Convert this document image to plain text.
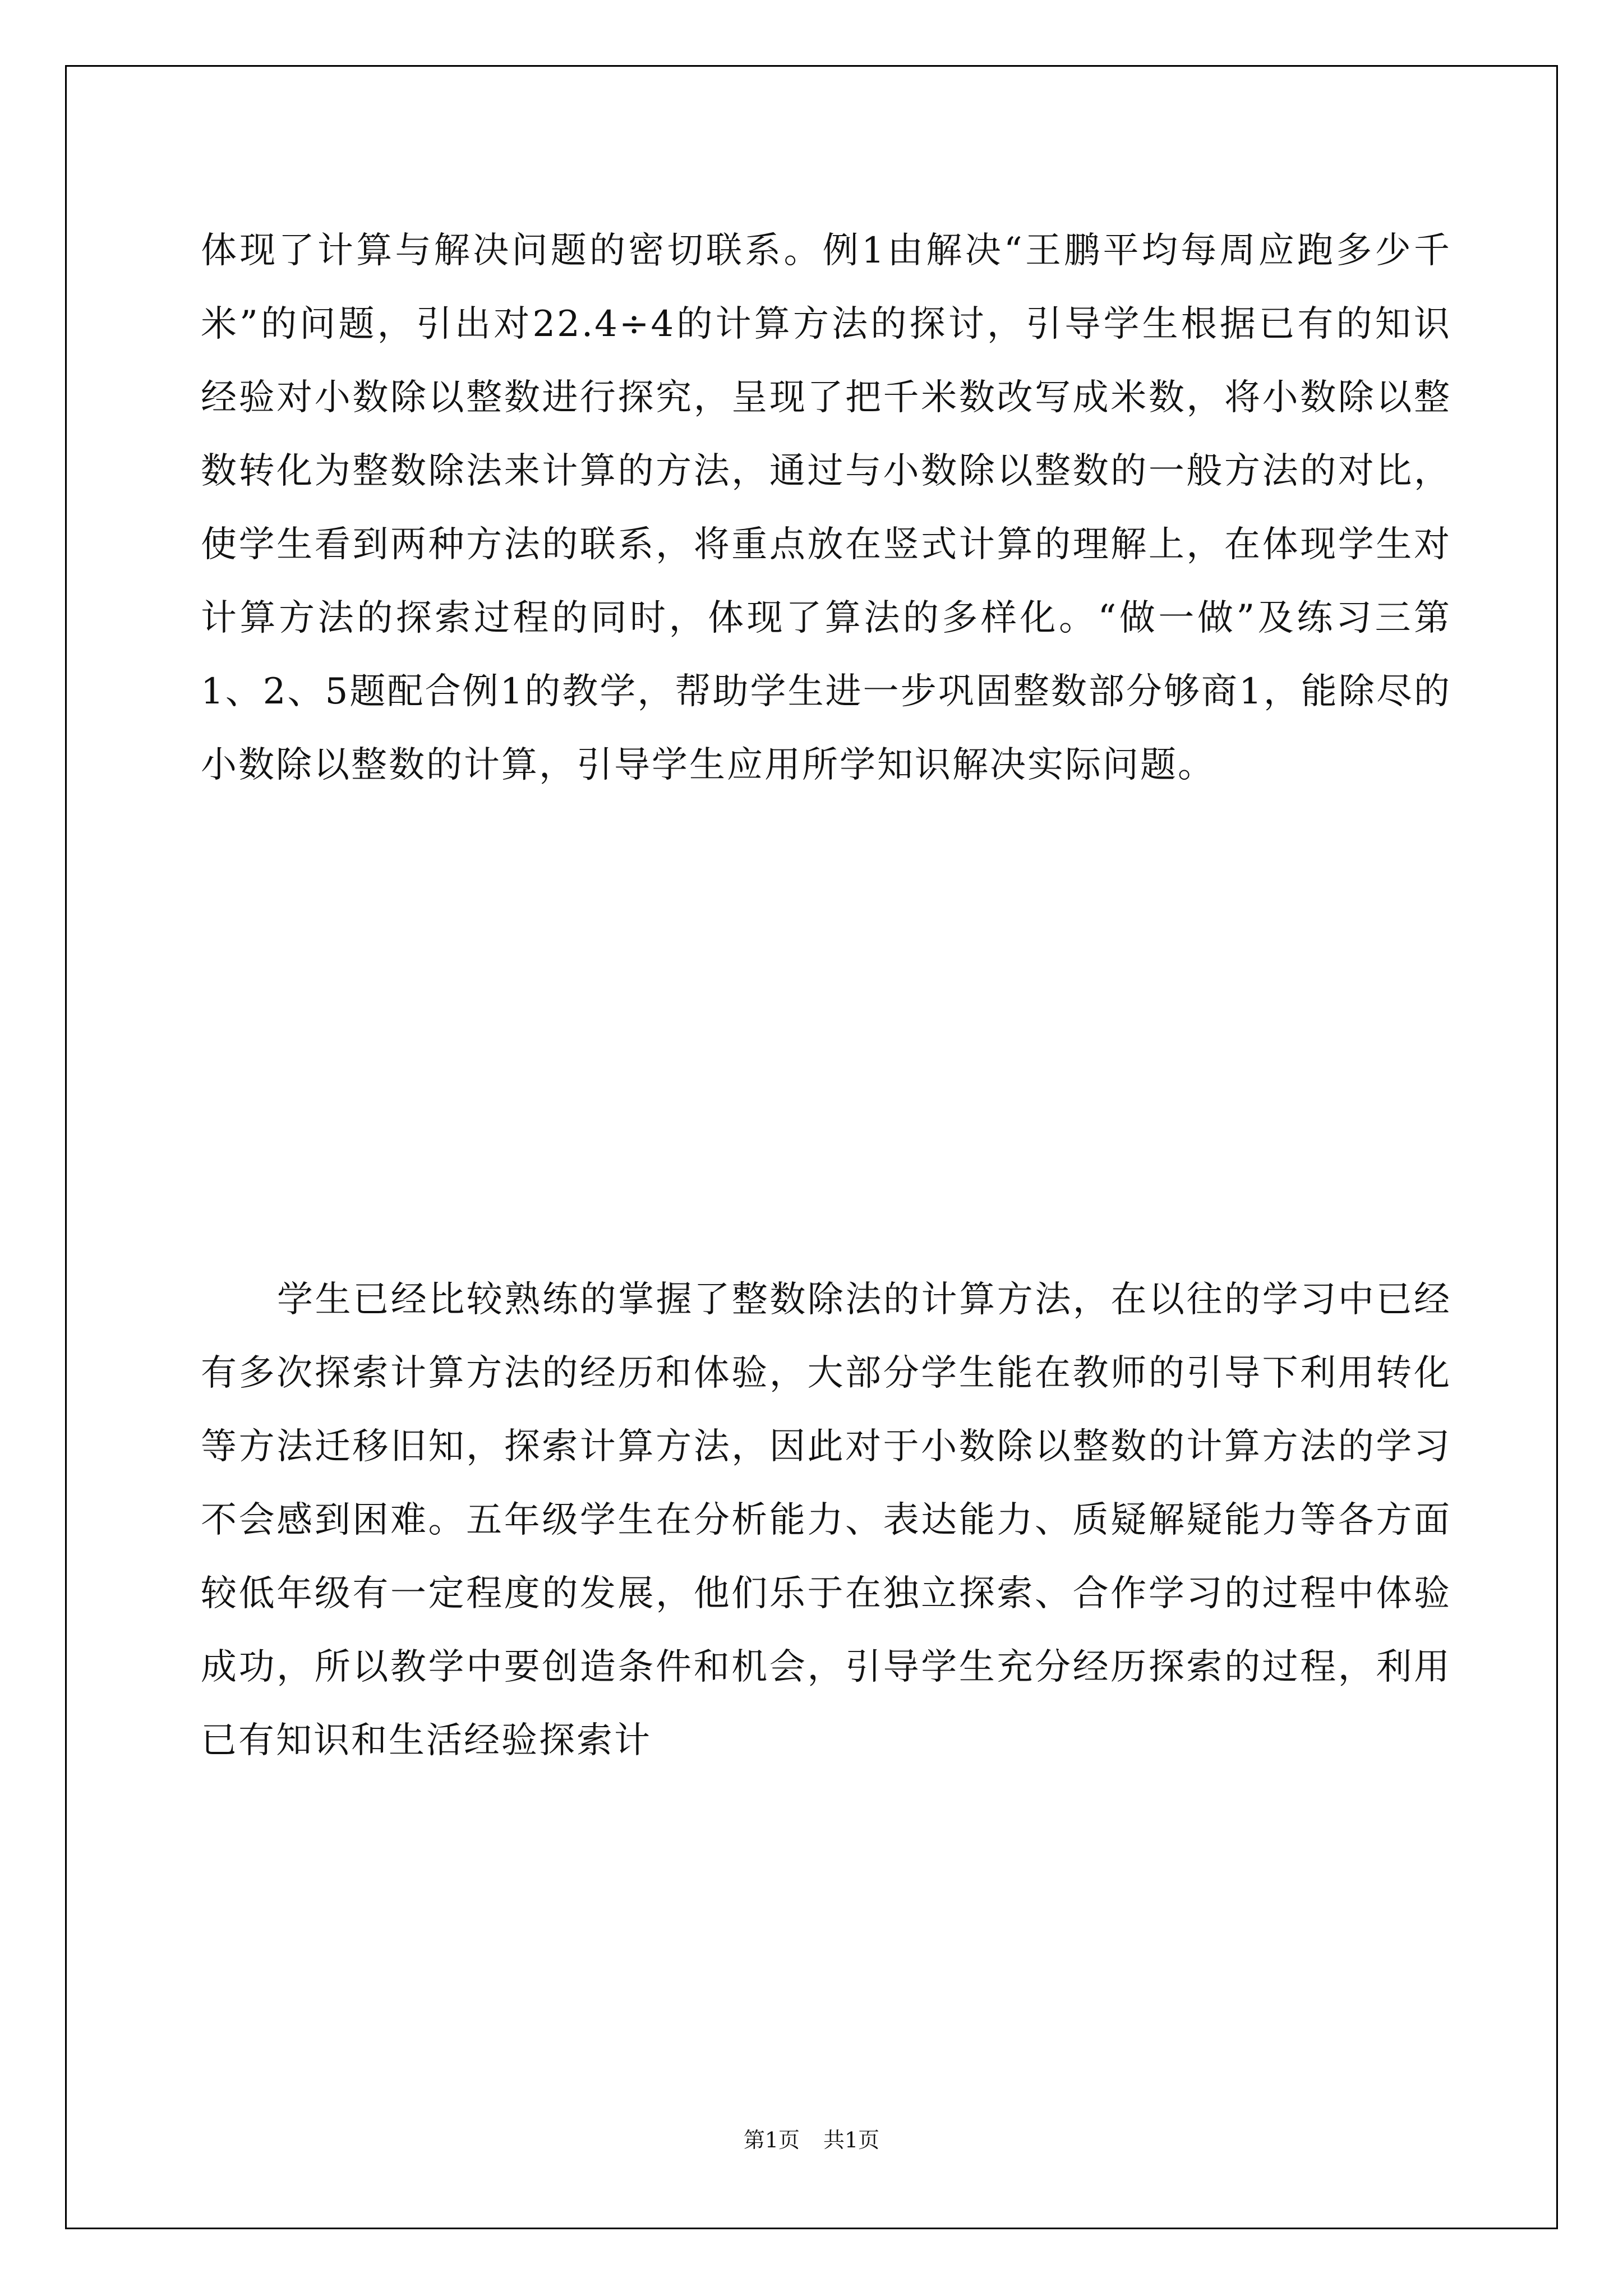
体现了计算与解决问题的密切联系。例1由解决“王鹏平均每周应跑多少千米”的问题，引出对22.4÷4的计算方法的探讨，引导学生根据已有的知识经验对小数除以整数进行探究，呈现了把千米数改写成米数，将小数除以整数转化为整数除法来计算的方法，通过与小数除以整数的一般方法的对比，使学生看到两种方法的联系，将重点放在竖式计算的理解上，在体现学生对计算方法的探索过程的同时，体现了算法的多样化。“做一做”及练习三第1、2、5题配合例1的教学，帮助学生进一步巩固整数部分够商1，能除尽的小数除以整数的计算，引导学生应用所学知识解决实际问题。

学生已经比较熟练的掌握了整数除法的计算方法，在以往的学习中已经有多次探索计算方法的经历和体验，大部分学生能在教师的引导下利用转化等方法迁移旧知，探索计算方法，因此对于小数除以整数的计算方法的学习不会感到困难。五年级学生在分析能力、表达能力、质疑解疑能力等各方面较低年级有一定程度的发展，他们乐于在独立探索、合作学习的过程中体验成功，所以教学中要创造条件和机会，引导学生充分经历探索的过程，利用已有知识和生活经验探索计

第1页 共1页
